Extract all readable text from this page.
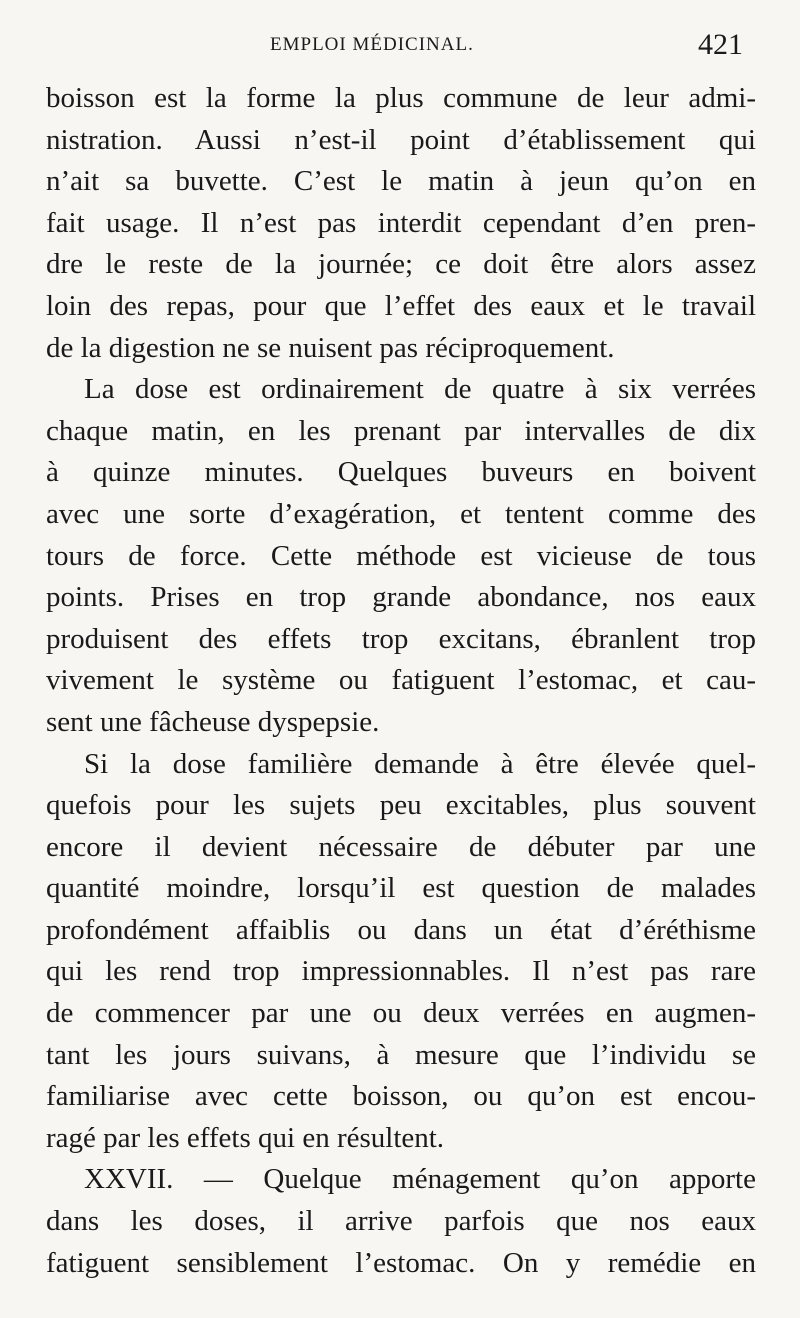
EMPLOI MÉDICINAL.	421
boisson est la forme la plus commune de leur admi-
nistration. Aussi n’est-il point d’établissement qui
n’ait sa buvette. C’est le matin à jeun qu’on en
fait usage. Il n’est pas interdit cependant d’en pren-
dre le reste de la journée; ce doit être alors assez
loin des repas, pour que l’effet des eaux et le travail
de la digestion ne se nuisent pas réciproquement.
La dose est ordinairement de quatre à six verrées
chaque matin, en les prenant par intervalles de dix
à quinze minutes. Quelques buveurs en boivent
avec une sorte d’exagération, et tentent comme des
tours de force. Cette méthode est vicieuse de tous
points. Prises en trop grande abondance, nos eaux
produisent des effets trop excitans, ébranlent trop
vivement le système ou fatiguent l’estomac, et cau-
sent une fâcheuse dyspepsie.
Si la dose familière demande à être élevée quel-
quefois pour les sujets peu excitables, plus souvent
encore il devient nécessaire de débuter par une
quantité moindre, lorsqu’il est question de malades
profondément affaiblis ou dans un état d’éréthisme
qui les rend trop impressionnables. Il n’est pas rare
de commencer par une ou deux verrées en augmen-
tant les jours suivans, à mesure que l’individu se
familiarise avec cette boisson, ou qu’on est encou-
ragé par les effets qui en résultent.
XXVII. — Quelque ménagement qu’on apporte
dans les doses, il arrive parfois que nos eaux
fatiguent sensiblement l’estomac. On y remédie en
